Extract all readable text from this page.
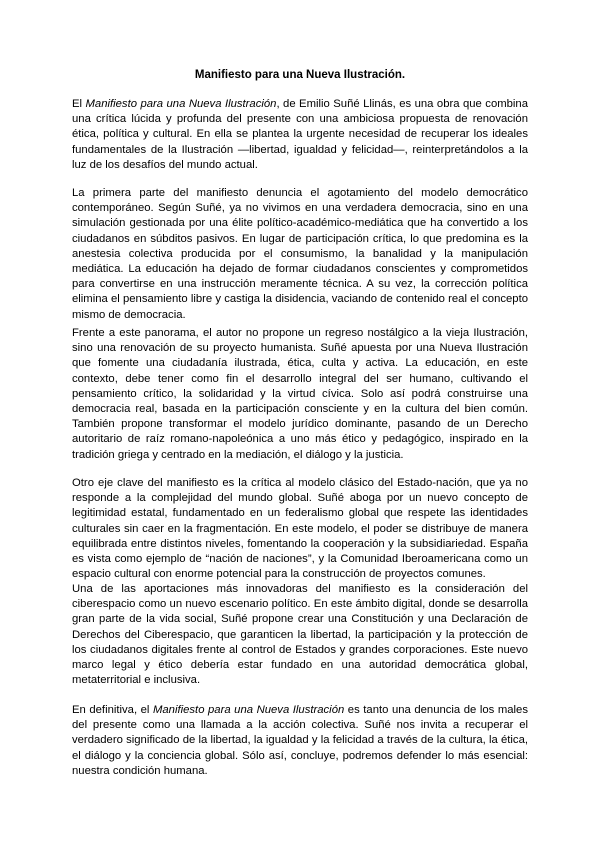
Manifiesto para una Nueva Ilustración.

El Manifiesto para una Nueva Ilustración, de Emilio Suñé Llinás, es una obra que combina una crítica lúcida y profunda del presente con una ambiciosa propuesta de renovación ética, política y cultural. En ella se plantea la urgente necesidad de recuperar los ideales fundamentales de la Ilustración —libertad, igualdad y felicidad—, reinterpretándolos a la luz de los desafíos del mundo actual.

La primera parte del manifiesto denuncia el agotamiento del modelo democrático contemporáneo. Según Suñé, ya no vivimos en una verdadera democracia, sino en una simulación gestionada por una élite político-académico-mediática que ha convertido a los ciudadanos en súbditos pasivos. En lugar de participación crítica, lo que predomina es la anestesia colectiva producida por el consumismo, la banalidad y la manipulación mediática. La educación ha dejado de formar ciudadanos conscientes y comprometidos para convertirse en una instrucción meramente técnica. A su vez, la corrección política elimina el pensamiento libre y castiga la disidencia, vaciando de contenido real el concepto mismo de democracia.

Frente a este panorama, el autor no propone un regreso nostálgico a la vieja Ilustración, sino una renovación de su proyecto humanista. Suñé apuesta por una Nueva Ilustración que fomente una ciudadanía ilustrada, ética, culta y activa. La educación, en este contexto, debe tener como fin el desarrollo integral del ser humano, cultivando el pensamiento crítico, la solidaridad y la virtud cívica. Solo así podrá construirse una democracia real, basada en la participación consciente y en la cultura del bien común. También propone transformar el modelo jurídico dominante, pasando de un Derecho autoritario de raíz romano-napoleónica a uno más ético y pedagógico, inspirado en la tradición griega y centrado en la mediación, el diálogo y la justicia.

Otro eje clave del manifiesto es la crítica al modelo clásico del Estado-nación, que ya no responde a la complejidad del mundo global. Suñé aboga por un nuevo concepto de legitimidad estatal, fundamentado en un federalismo global que respete las identidades culturales sin caer en la fragmentación. En este modelo, el poder se distribuye de manera equilibrada entre distintos niveles, fomentando la cooperación y la subsidiariedad. España es vista como ejemplo de “nación de naciones”, y la Comunidad Iberoamericana como un espacio cultural con enorme potencial para la construcción de proyectos comunes.

Una de las aportaciones más innovadoras del manifiesto es la consideración del ciberespacio como un nuevo escenario político. En este ámbito digital, donde se desarrolla gran parte de la vida social, Suñé propone crear una Constitución y una Declaración de Derechos del Ciberespacio, que garanticen la libertad, la participación y la protección de los ciudadanos digitales frente al control de Estados y grandes corporaciones. Este nuevo marco legal y ético debería estar fundado en una autoridad democrática global, metaterritorial e inclusiva.

En definitiva, el Manifiesto para una Nueva Ilustración es tanto una denuncia de los males del presente como una llamada a la acción colectiva. Suñé nos invita a recuperar el verdadero significado de la libertad, la igualdad y la felicidad a través de la cultura, la ética, el diálogo y la conciencia global. Sólo así, concluye, podremos defender lo más esencial: nuestra condición humana.
